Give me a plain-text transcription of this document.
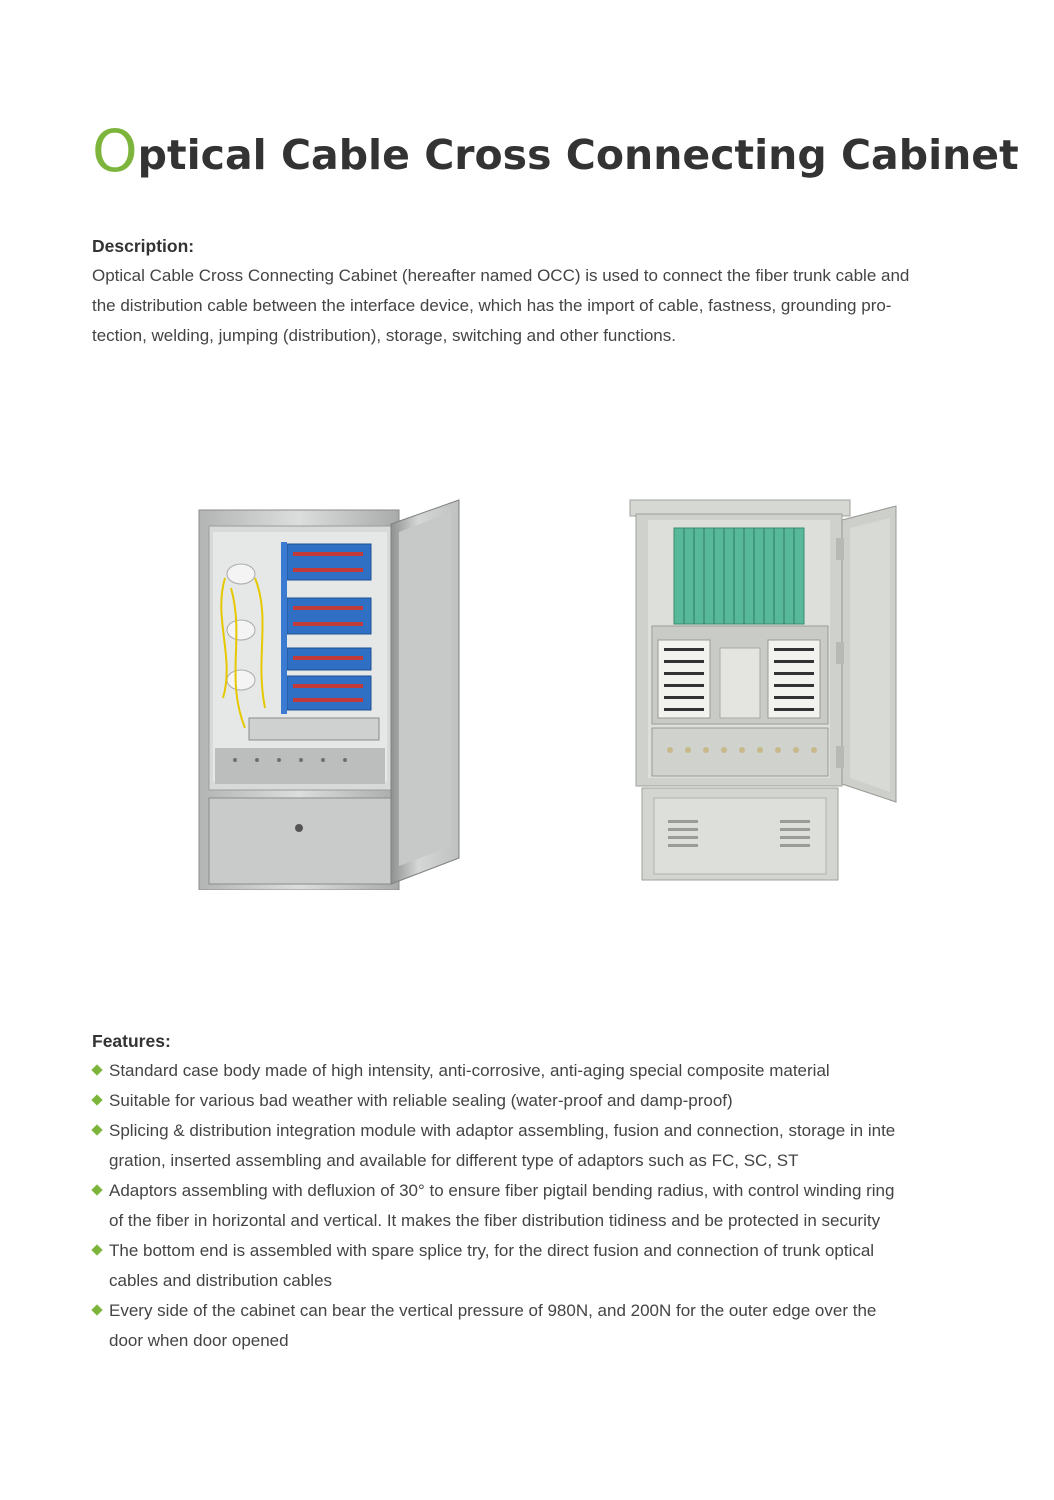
Optical Cable Cross Connecting Cabinet
Description:

Optical Cable Cross Connecting Cabinet (hereafter named OCC) is used to connect the fiber trunk cable and
the distribution cable between the interface device, which has the import of cable, fastness, grounding pro-
tection, welding, jumping (distribution), storage, switching and other functions.

Features:
Standard case body made of high intensity, anti-corrosive, anti-aging special composite material
Suitable for various bad weather with reliable sealing (water-proof and damp-proof)
Splicing & distribution integration module with adaptor assembling, fusion and connection, storage in inte
gration, inserted assembling and available for different type of adaptors such as FC, SC, ST
Adaptors assembling with defluxion of 30° to ensure fiber pigtail bending radius, with control winding ring
of the fiber in horizontal and vertical. It makes the fiber distribution tidiness and be protected in security
The bottom end is assembled with spare splice try, for the direct fusion and connection of trunk optical
cables and distribution cables
Every side of the cabinet can bear the vertical pressure of 980N, and 200N for the outer edge over the
door when door opened
